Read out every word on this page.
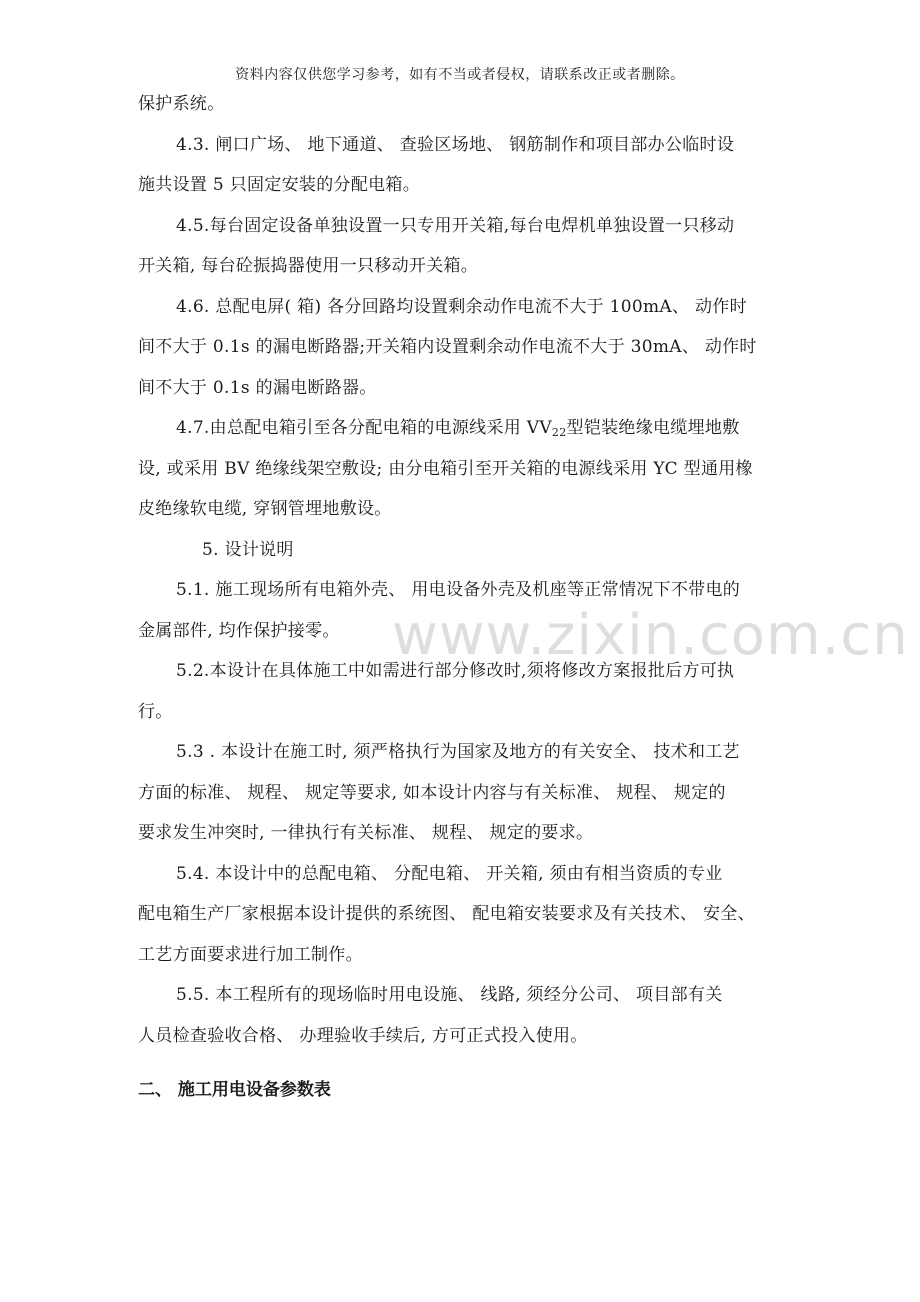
资料内容仅供您学习参考，如有不当或者侵权，请联系改正或者删除。
www.zixin.com.cn

保护系统。

4.3. 闸口广场、 地下通道、 查验区场地、 钢筋制作和项目部办公临时设
施共设置 5 只固定安装的分配电箱。

4.5.每台固定设备单独设置一只专用开关箱,每台电焊机单独设置一只移动
开关箱, 每台砼振捣器使用一只移动开关箱。

4.6. 总配电屏( 箱) 各分回路均设置剩余动作电流不大于 100mA、 动作时
间不大于 0.1s 的漏电断路器;开关箱内设置剩余动作电流不大于 30mA、 动作时
间不大于 0.1s 的漏电断路器。

4.7.由总配电箱引至各分配电箱的电源线采用 $VV_{22}$型铠装绝缘电缆埋地敷
设, 或采用 BV 绝缘线架空敷设; 由分电箱引至开关箱的电源线采用 YC 型通用橡
皮绝缘软电缆, 穿钢管埋地敷设。

5. 设计说明

5.1. 施工现场所有电箱外壳、 用电设备外壳及机座等正常情况下不带电的
金属部件, 均作保护接零。

5.2.本设计在具体施工中如需进行部分修改时,须将修改方案报批后方可执
行。

5.3 . 本设计在施工时, 须严格执行为国家及地方的有关安全、 技术和工艺
方面的标准、 规程、 规定等要求, 如本设计内容与有关标准、 规程、 规定的
要求发生冲突时, 一律执行有关标准、 规程、 规定的要求。

5.4. 本设计中的总配电箱、 分配电箱、 开关箱, 须由有相当资质的专业
配电箱生产厂家根据本设计提供的系统图、 配电箱安装要求及有关技术、 安全、
工艺方面要求进行加工制作。

5.5. 本工程所有的现场临时用电设施、 线路, 须经分公司、 项目部有关
人员检查验收合格、 办理验收手续后, 方可正式投入使用。

二、 施工用电设备参数表
